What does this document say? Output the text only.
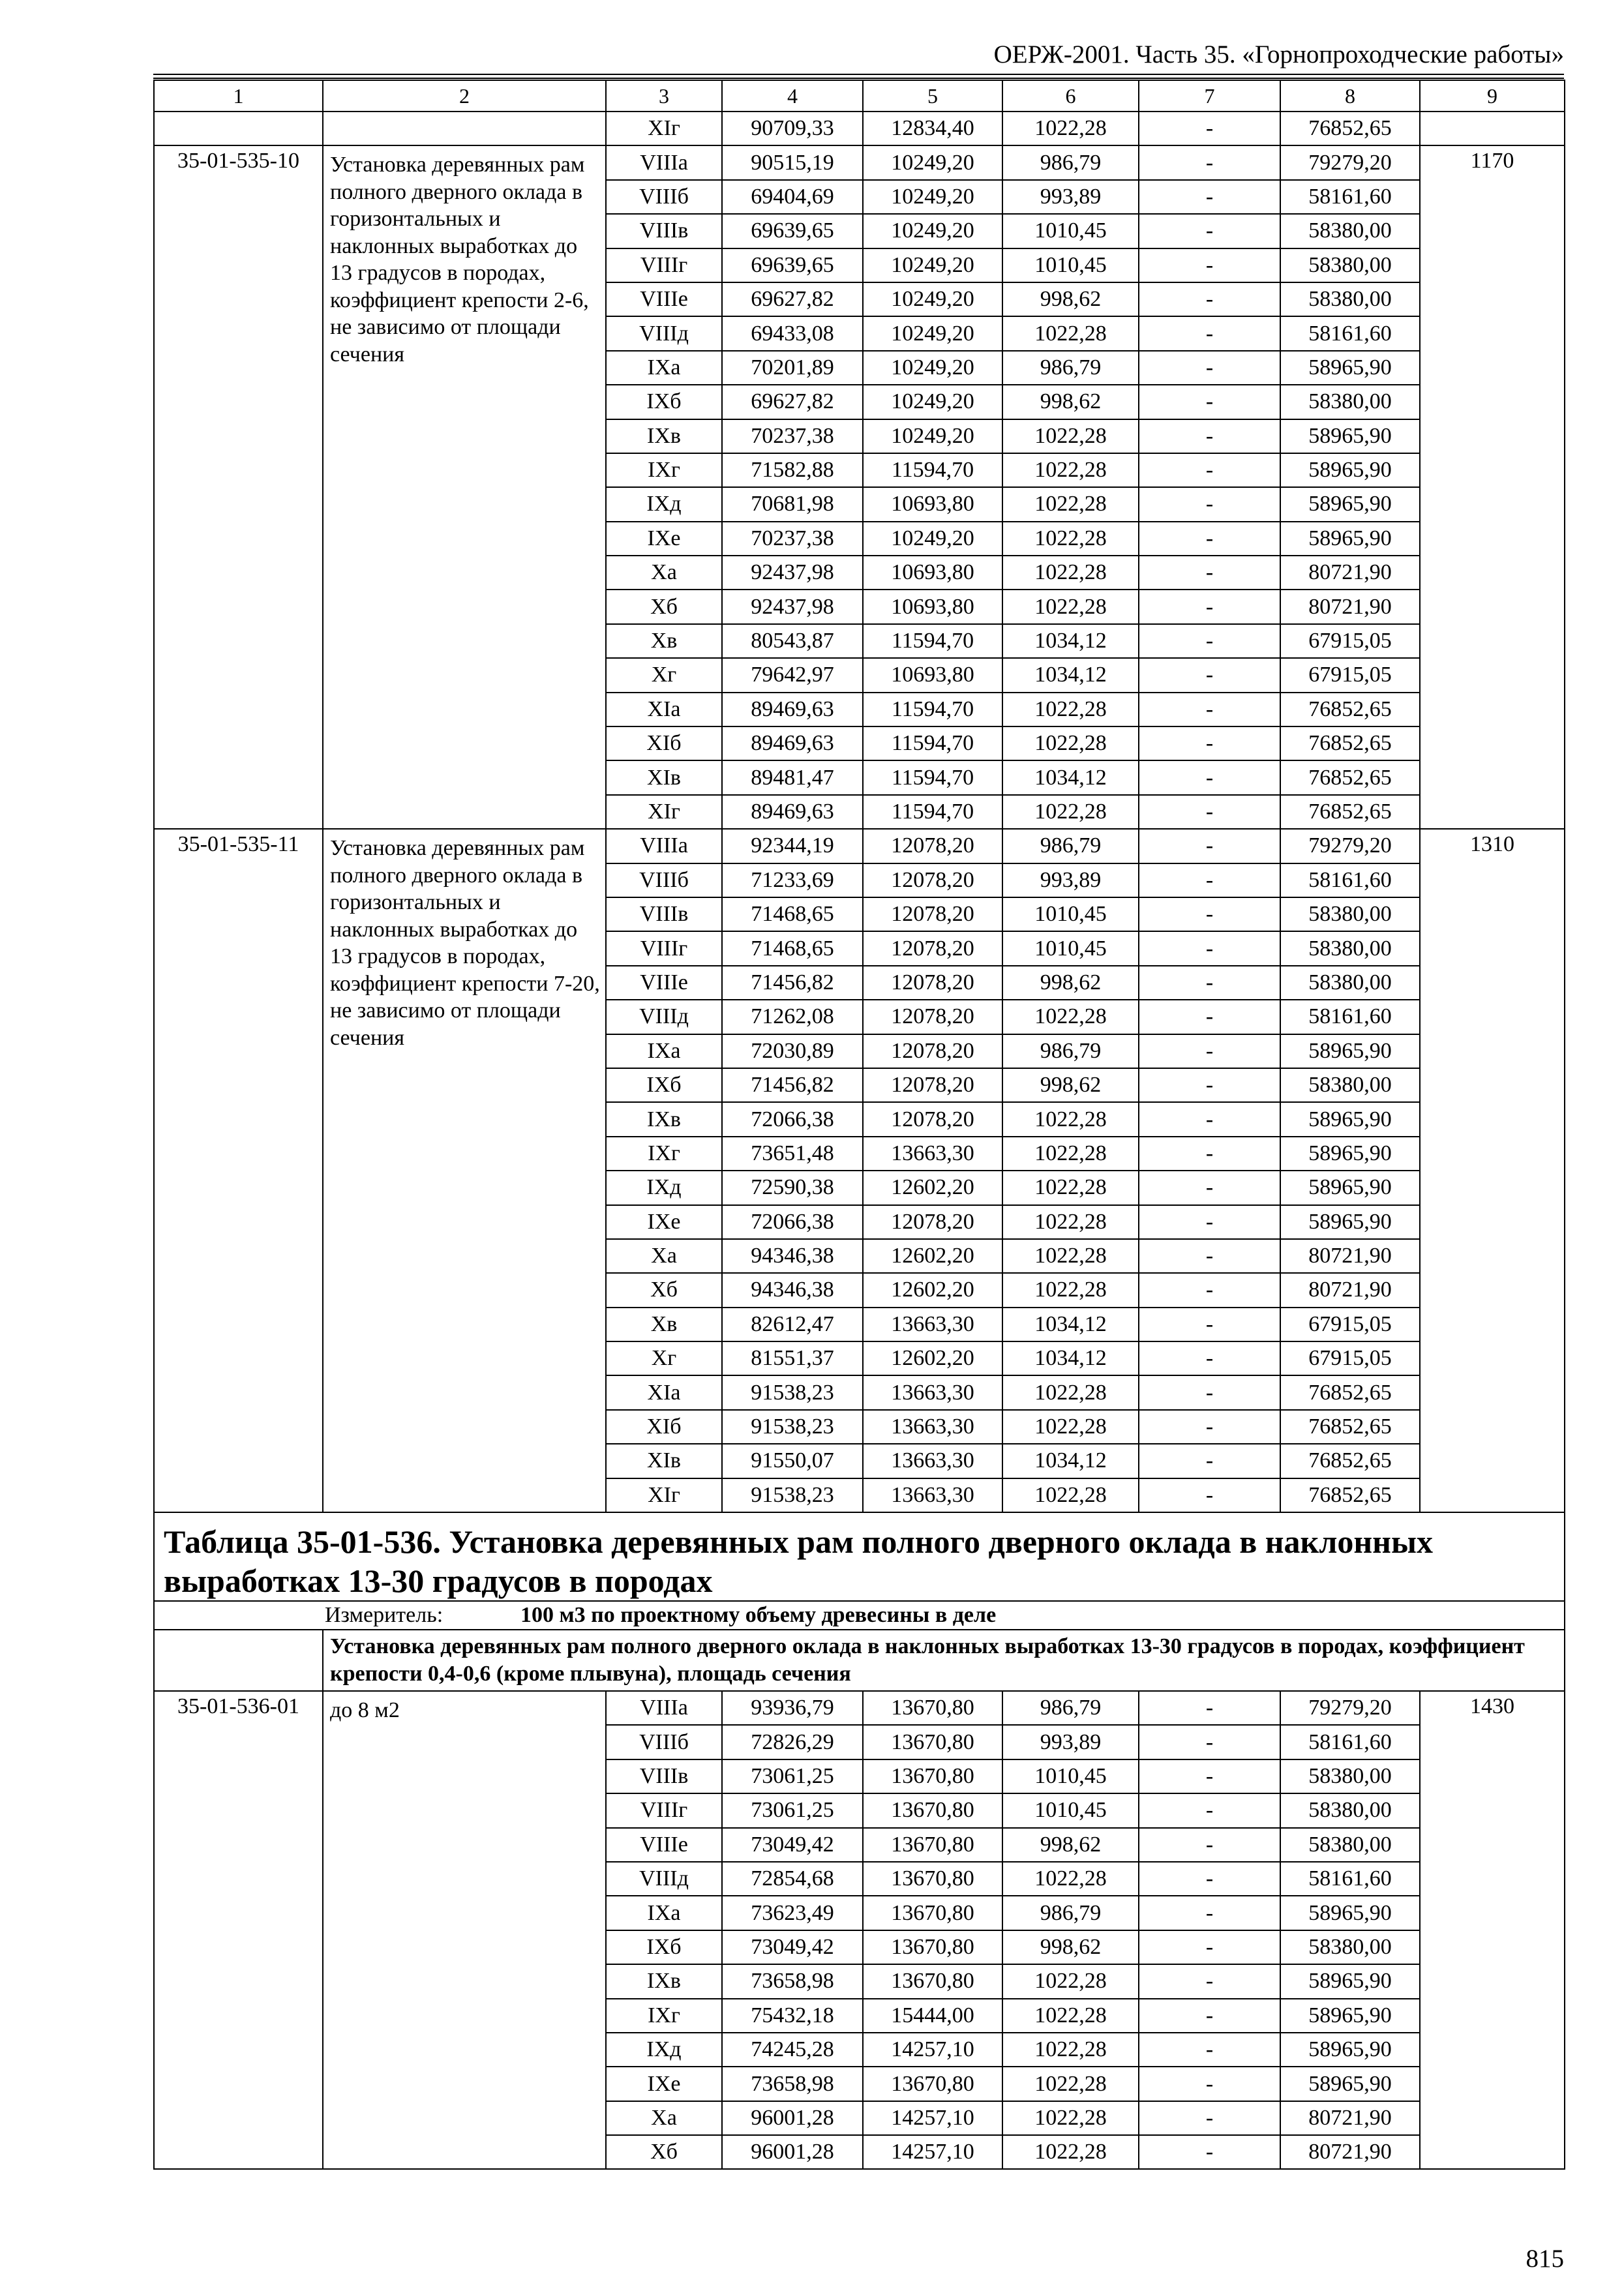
ОЕРЖ-2001. Часть 35. «Горнопроходческие работы»
1	2	3	4	5	6	7	8	9
		XIг	90709,33	12834,40	1022,28	-	76852,65	
35-01-535-10	Установка деревянных рам полного дверного оклада в горизонтальных и наклонных выработках до 13 градусов в породах, коэффициент крепости 2-6, не зависимо от площади сечения	VIIIа	90515,19	10249,20	986,79	-	79279,20	1170
		VIIIб	69404,69	10249,20	993,89	-	58161,60	
		VIIIв	69639,65	10249,20	1010,45	-	58380,00	
		VIIIг	69639,65	10249,20	1010,45	-	58380,00	
		VIIIе	69627,82	10249,20	998,62	-	58380,00	
		VIIIд	69433,08	10249,20	1022,28	-	58161,60	
		IXа	70201,89	10249,20	986,79	-	58965,90	
		IXб	69627,82	10249,20	998,62	-	58380,00	
		IXв	70237,38	10249,20	1022,28	-	58965,90	
		IXг	71582,88	11594,70	1022,28	-	58965,90	
		IXд	70681,98	10693,80	1022,28	-	58965,90	
		IXе	70237,38	10249,20	1022,28	-	58965,90	
		Xа	92437,98	10693,80	1022,28	-	80721,90	
		Xб	92437,98	10693,80	1022,28	-	80721,90	
		Xв	80543,87	11594,70	1034,12	-	67915,05	
		Xг	79642,97	10693,80	1034,12	-	67915,05	
		XIа	89469,63	11594,70	1022,28	-	76852,65	
		XIб	89469,63	11594,70	1022,28	-	76852,65	
		XIв	89481,47	11594,70	1034,12	-	76852,65	
		XIг	89469,63	11594,70	1022,28	-	76852,65	
35-01-535-11	Установка деревянных рам полного дверного оклада в горизонтальных и наклонных выработках до 13 градусов в породах, коэффициент крепости 7-20, не зависимо от площади сечения	VIIIа	92344,19	12078,20	986,79	-	79279,20	1310
		VIIIб	71233,69	12078,20	993,89	-	58161,60	
		VIIIв	71468,65	12078,20	1010,45	-	58380,00	
		VIIIг	71468,65	12078,20	1010,45	-	58380,00	
		VIIIе	71456,82	12078,20	998,62	-	58380,00	
		VIIIд	71262,08	12078,20	1022,28	-	58161,60	
		IXа	72030,89	12078,20	986,79	-	58965,90	
		IXб	71456,82	12078,20	998,62	-	58380,00	
		IXв	72066,38	12078,20	1022,28	-	58965,90	
		IXг	73651,48	13663,30	1022,28	-	58965,90	
		IXд	72590,38	12602,20	1022,28	-	58965,90	
		IXе	72066,38	12078,20	1022,28	-	58965,90	
		Xа	94346,38	12602,20	1022,28	-	80721,90	
		Xб	94346,38	12602,20	1022,28	-	80721,90	
		Xв	82612,47	13663,30	1034,12	-	67915,05	
		Xг	81551,37	12602,20	1034,12	-	67915,05	
		XIа	91538,23	13663,30	1022,28	-	76852,65	
		XIб	91538,23	13663,30	1022,28	-	76852,65	
		XIв	91550,07	13663,30	1034,12	-	76852,65	
		XIг	91538,23	13663,30	1022,28	-	76852,65	
Таблица 35-01-536. Установка деревянных рам полного дверного оклада в наклонных выработках 13-30 градусов в породах								
Измеритель: 100 м3 по проектному объему древесины в деле								
	Установка деревянных рам полного дверного оклада в наклонных выработках 13-30 градусов в породах, коэффициент крепости 0,4-0,6 (кроме плывуна), площадь сечения							
35-01-536-01	до 8 м2	VIIIа	93936,79	13670,80	986,79	-	79279,20	1430
		VIIIб	72826,29	13670,80	993,89	-	58161,60	
		VIIIв	73061,25	13670,80	1010,45	-	58380,00	
		VIIIг	73061,25	13670,80	1010,45	-	58380,00	
		VIIIе	73049,42	13670,80	998,62	-	58380,00	
		VIIIд	72854,68	13670,80	1022,28	-	58161,60	
		IXа	73623,49	13670,80	986,79	-	58965,90	
		IXб	73049,42	13670,80	998,62	-	58380,00	
		IXв	73658,98	13670,80	1022,28	-	58965,90	
		IXг	75432,18	15444,00	1022,28	-	58965,90	
		IXд	74245,28	14257,10	1022,28	-	58965,90	
		IXе	73658,98	13670,80	1022,28	-	58965,90	
		Xа	96001,28	14257,10	1022,28	-	80721,90	
		Xб	96001,28	14257,10	1022,28	-	80721,90	
815
